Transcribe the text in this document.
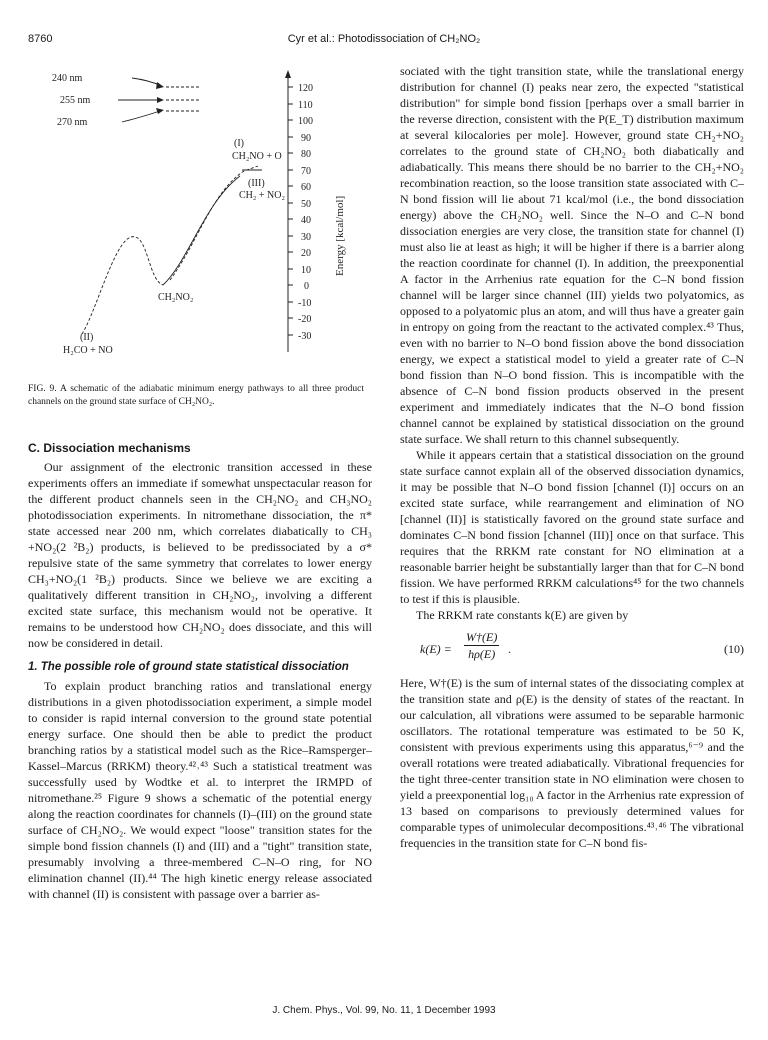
8760	Cyr et al.: Photodissociation of CH₂NO₂
240 nm
255 nm
270 nm
120
110
100
90
80
70
60
50
40
30
20
10
0
-10
-20
-30
Energy [kcal/mol]
(I)
CH₂NO + O
(III)
CH₂ + NO₂
CH₂NO₂
(II)
H₂CO + NO
FIG. 9. A schematic of the adiabatic minimum energy pathways to all three product channels on the ground state surface of CH₂NO₂.
C. Dissociation mechanisms

Our assignment of the electronic transition accessed in these experiments offers an immediate if somewhat unspectacular reason for the different product channels seen in the CH₂NO₂ and CH₃NO₂ photodissociation experiments. In nitromethane dissociation, the π* state accessed near 200 nm, which correlates diabatically to CH₃ +NO₂(2 ²B₂) products, is believed to be predissociated by a σ* repulsive state of the same symmetry that correlates to lower energy CH₃+NO₂(1 ²B₂) products. Since we believe we are exciting a qualitatively different transition in CH₂NO₂, involving a different excited state surface, this mechanism would not be operative. It remains to be understood how CH₂NO₂ does dissociate, and this will now be considered in detail.

1. The possible role of ground state statistical dissociation

To explain product branching ratios and translational energy distributions in a given photodissociation experiment, a simple model to consider is rapid internal conversion to the ground state potential energy surface. One should then be able to predict the product branching ratios by a statistical model such as the Rice–Ramsperger–Kassel–Marcus (RRKM) theory.⁴²˒⁴³ Such a statistical treatment was successfully used by Wodtke et al. to interpret the IRMPD of nitromethane.²⁵ Figure 9 shows a schematic of the potential energy along the reaction coordinates for channels (I)–(III) on the ground state surface of CH₂NO₂. We would expect "loose" transition states for the simple bond fission channels (I) and (III) and a "tight" transition state, presumably involving a three-membered C–N–O ring, for NO elimination channel (II).⁴⁴ The high kinetic energy release associated with channel (II) is consistent with passage over a barrier as-

sociated with the tight transition state, while the translational energy distribution for channel (I) peaks near zero, the expected "statistical distribution" for simple bond fission [perhaps over a small barrier in the reverse direction, consistent with the P(E_T) distribution maximum at several kilocalories per mole]. However, ground state CH₂+NO₂ correlates to the ground state of CH₂NO₂ both diabatically and adiabatically. This means there should be no barrier to the CH₂+NO₂ recombination reaction, so the loose transition state associated with C–N bond fission will lie about 71 kcal/mol (i.e., the bond dissociation energy) above the CH₂NO₂ well. Since the N–O and C–N bond dissociation energies are very close, the transition state for channel (I) must also lie at least as high; it will be higher if there is a barrier along the reaction coordinate for channel (I). In addition, the preexponential A factor in the Arrhenius rate equation for the C–N bond fission channel will be larger since channel (III) yields two polyatomics, as opposed to a polyatomic plus an atom, and will thus have a greater gain in entropy on going from the reactant to the activated complex.⁴³ Thus, even with no barrier to N–O bond fission above the bond dissociation energy, we expect a statistical model to yield a greater rate of C–N bond fission than N–O bond fission. This is incompatible with the absence of C–N bond fission products observed in the present experiment and immediately indicates that the N–O bond fission channel cannot be explained by statistical dissociation on the ground state surface. We shall return to this channel subsequently.

While it appears certain that a statistical dissociation on the ground state surface cannot explain all of the observed dissociation dynamics, it may be possible that N–O bond fission [channel (I)] occurs on an excited state surface, while rearrangement and elimination of NO [channel (II)] is statistically favored on the ground state surface and dominates C–N bond fission [channel (III)] once on that surface. This requires that the RRKM rate constant for NO elimination at a reasonable barrier height be substantially larger than that for C–N bond fission. We have performed RRKM calculations⁴⁵ for the two channels to test if this is plausible.

The RRKM rate constants k(E) are given by

$k(E) = \frac{W\dagger(E)}{h\rho(E)}$ .	(10)

Here, W†(E) is the sum of internal states of the dissociating complex at the transition state and ρ(E) is the density of states of the reactant. In our calculation, all vibrations were assumed to be separable harmonic oscillators. The rotational temperature was estimated to be 50 K, consistent with previous experiments using this apparatus,⁶⁻⁹ and the overall rotations were treated adiabatically. Vibrational frequencies for the tight three-center transition state in NO elimination were chosen to yield a preexponential log₁₀ A factor in the Arrhenius rate expression of 13 based on comparisons to previously determined values for comparable types of unimolecular decompositions.⁴³˒⁴⁶ The vibrational frequencies in the transition state for C–N bond fis-

J. Chem. Phys., Vol. 99, No. 11, 1 December 1993
